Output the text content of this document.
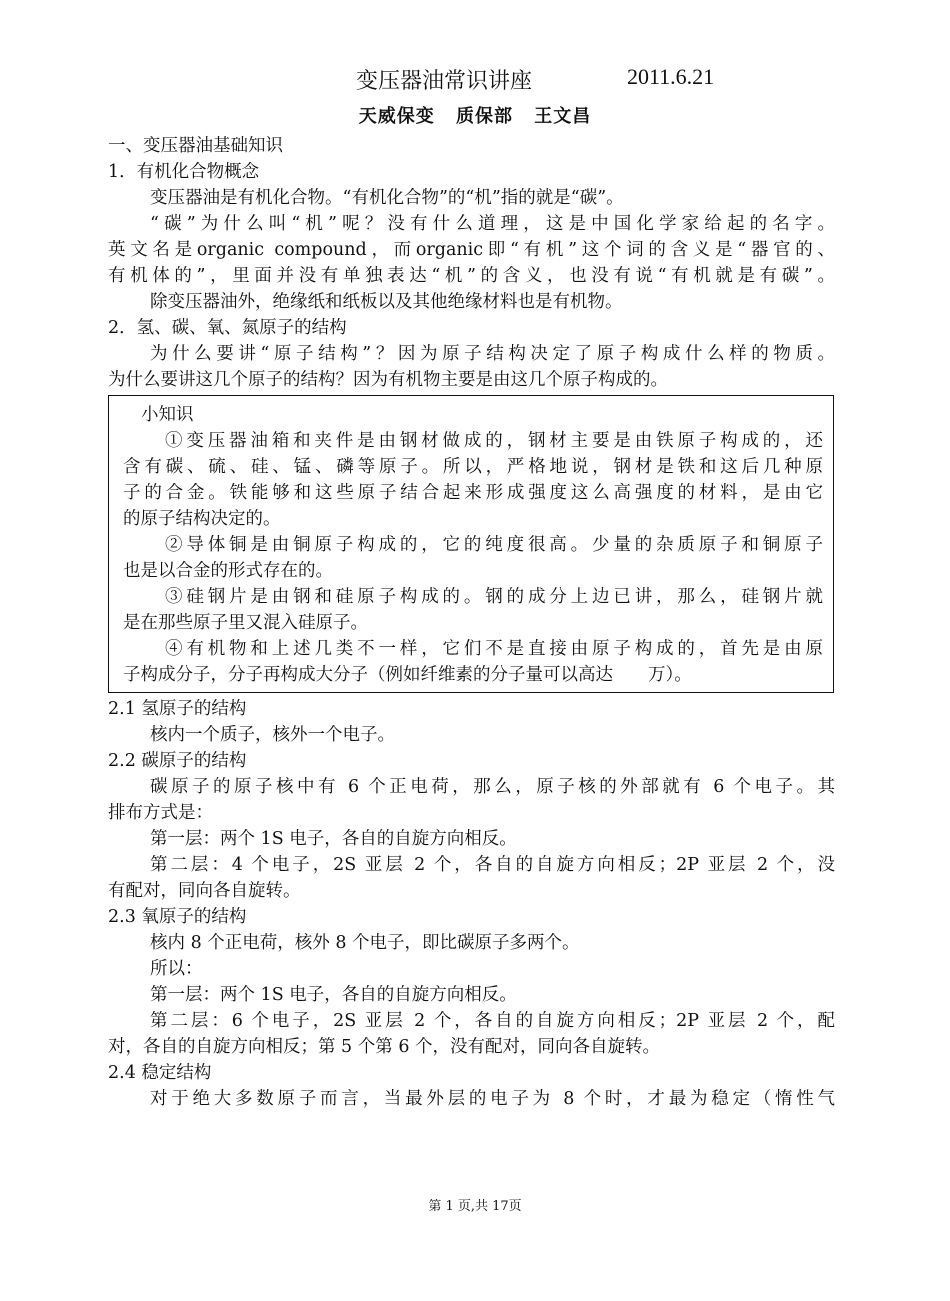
变压器油常识讲座	2011.6.21
天威保变 质保部 王文昌
一、变压器油基础知识
1．有机化合物概念
变压器油是有机化合物。“有机化合物”的“机”指的就是“碳”。
“碳”为什么叫“机”呢？没有什么道理，这是中国化学家给起的名字。
英文名是organic compound，而organic即“有机”这个词的含义是“器官的、
有机体的”，里面并没有单独表达“机”的含义，也没有说“有机就是有碳”。
除变压器油外，绝缘纸和纸板以及其他绝缘材料也是有机物。
2．氢、碳、氧、氮原子的结构
为什么要讲“原子结构”？因为原子结构决定了原子构成什么样的物质。
为什么要讲这几个原子的结构？因为有机物主要是由这几个原子构成的。
小知识
①变压器油箱和夹件是由钢材做成的，钢材主要是由铁原子构成的，还
含有碳、硫、硅、锰、磷等原子。所以，严格地说，钢材是铁和这后几种原
子的合金。铁能够和这些原子结合起来形成强度这么高强度的材料，是由它
的原子结构决定的。
②导体铜是由铜原子构成的，它的纯度很高。少量的杂质原子和铜原子
也是以合金的形式存在的。
③硅钢片是由钢和硅原子构成的。钢的成分上边已讲，那么，硅钢片就
是在那些原子里又混入硅原子。
④有机物和上述几类不一样，它们不是直接由原子构成的，首先是由原
子构成分子，分子再构成大分子（例如纤维素的分子量可以高达　　万）。
2.1 氢原子的结构
核内一个质子，核外一个电子。
2.2 碳原子的结构
碳原子的原子核中有 6 个正电荷，那么，原子核的外部就有 6 个电子。其
排布方式是：
第一层：两个 1S 电子，各自的自旋方向相反。
第二层：4 个电子，2S 亚层 2 个，各自的自旋方向相反；2P 亚层 2 个，没
有配对，同向各自旋转。
2.3 氧原子的结构
核内 8 个正电荷，核外 8 个电子，即比碳原子多两个。
所以：
第一层：两个 1S 电子，各自的自旋方向相反。
第二层：6 个电子，2S 亚层 2 个，各自的自旋方向相反；2P 亚层 2 个，配
对，各自的自旋方向相反；第 5 个第 6 个，没有配对，同向各自旋转。
2.4 稳定结构
对于绝大多数原子而言，当最外层的电子为 8 个时，才最为稳定（惰性气
第 1 页,共 17页
